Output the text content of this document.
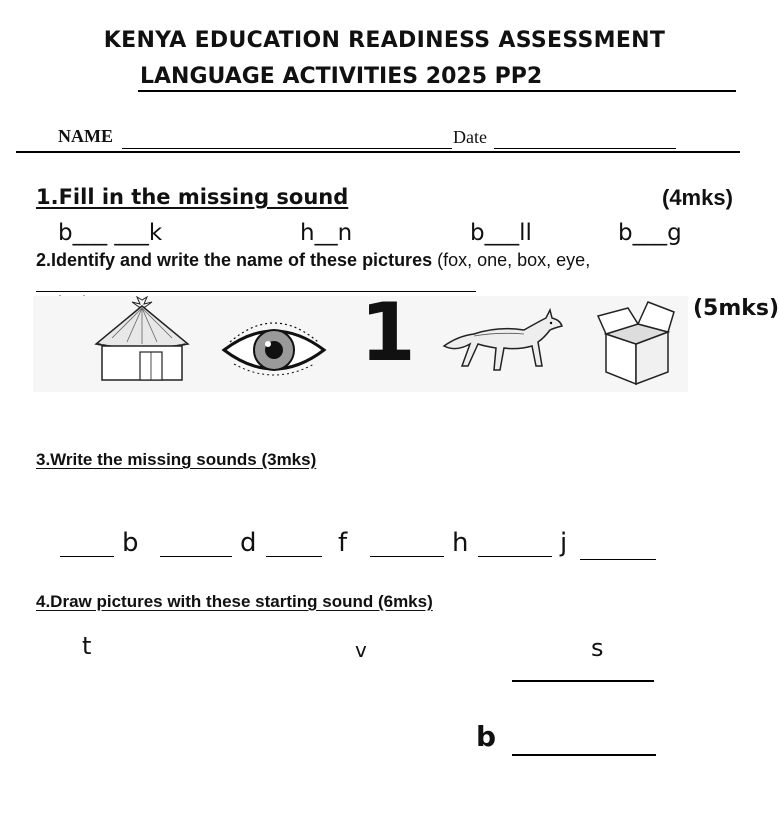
KENYA EDUCATION READINESS ASSESSMENT
LANGUAGE ACTIVITIES 2025 PP2
NAME	Date
1.Fill in the missing sound	(4mks)
b___ ___k	h__n	b___ll	b___g
2.Identify and write the name of these pictures (fox, one, box, eye,
(5mks)
1
3.Write the missing sounds (3mks)
b	d	f	h	j
4.Draw pictures with these starting sound (6mks)
t	v	s
b
